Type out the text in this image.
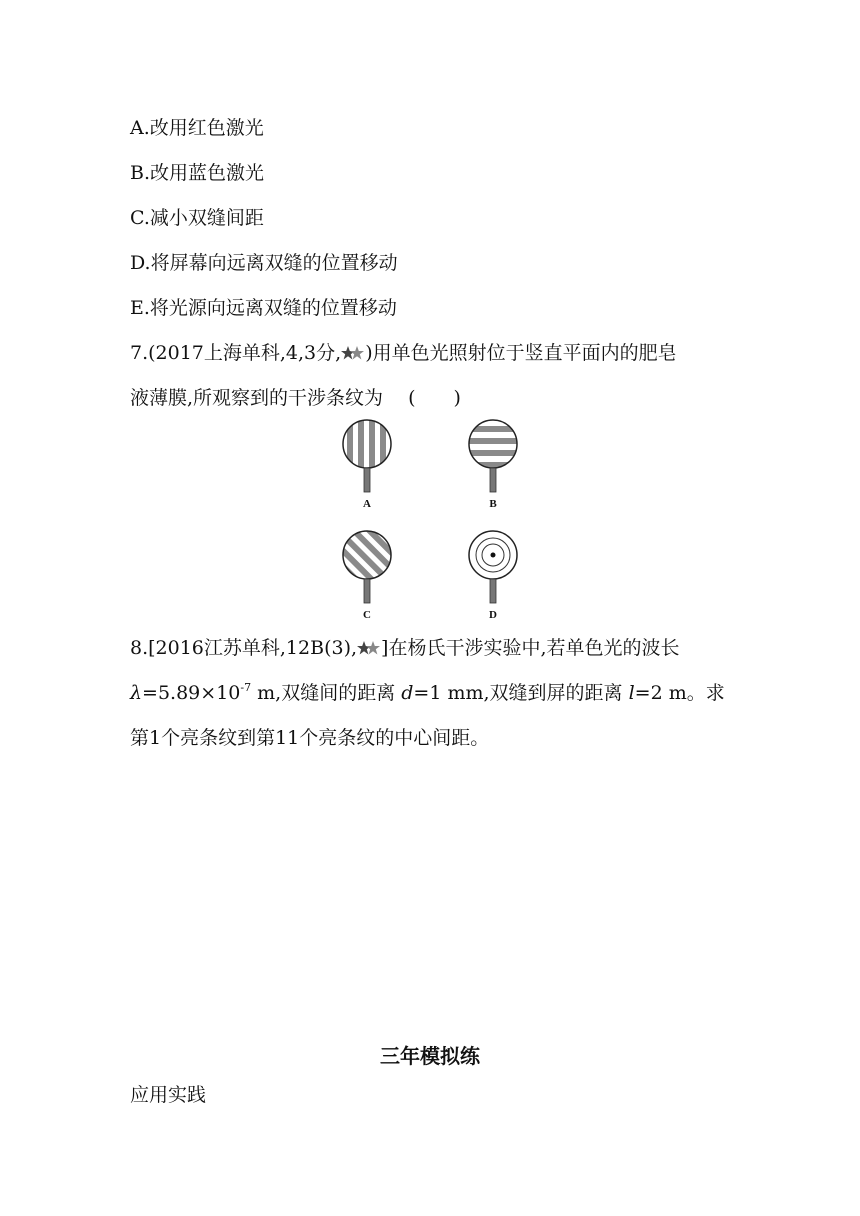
A.改用红色激光
B.改用蓝色激光
C.减小双缝间距
D.将屏幕向远离双缝的位置移动
E.将光源向远离双缝的位置移动
7.(2017上海单科,4,3分, )用单色光照射位于竖直平面内的肥皂
液薄膜,所观察到的干涉条纹为　 (　　)
A	B
C	D
8.[2016江苏单科,12B(3), ]在杨氏干涉实验中,若单色光的波长
$\lambda=5.89\times 10^{-7}$ m,双缝间的距离 d=1 mm,双缝到屏的距离 l=2 m。求
第1个亮条纹到第11个亮条纹的中心间距。
三年模拟练
应用实践
